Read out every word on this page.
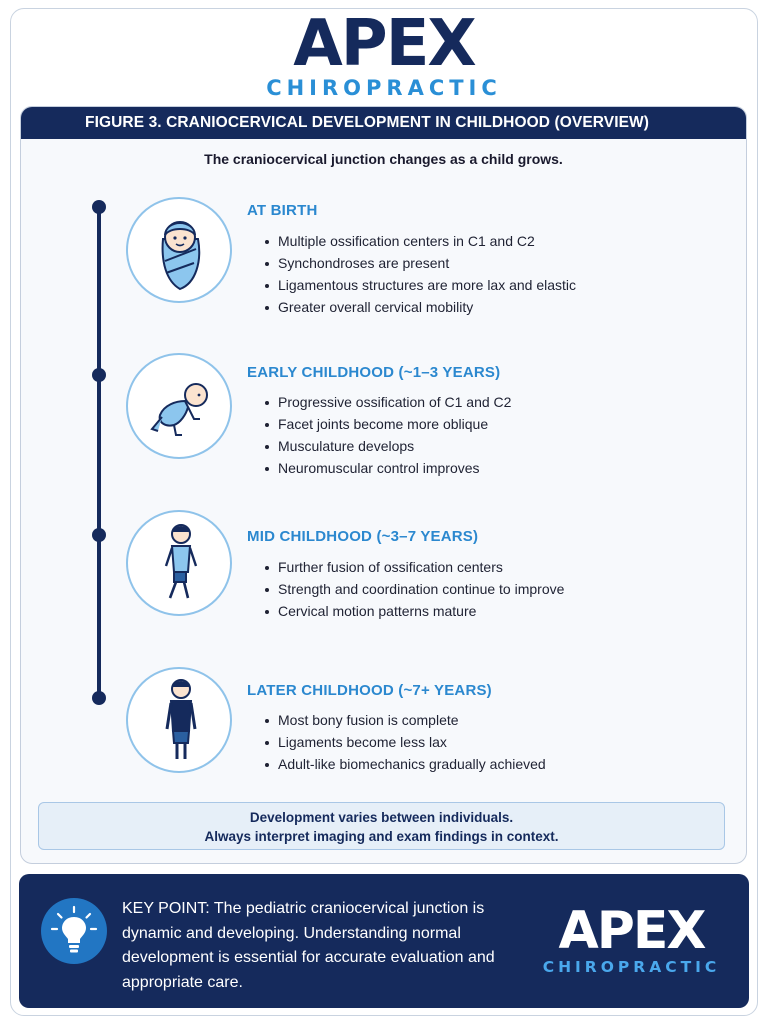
APEX
CHIROPRACTIC
FIGURE 3. CRANIOCERVICAL DEVELOPMENT IN CHILDHOOD (OVERVIEW)
The craniocervical junction changes as a child grows.
AT BIRTH
Multiple ossification centers in C1 and C2
Synchondroses are present
Ligamentous structures are more lax and elastic
Greater overall cervical mobility
EARLY CHILDHOOD (~1–3 YEARS)
Progressive ossification of C1 and C2
Facet joints become more oblique
Musculature develops
Neuromuscular control improves
MID CHILDHOOD (~3–7 YEARS)
Further fusion of ossification centers
Strength and coordination continue to improve
Cervical motion patterns mature
LATER CHILDHOOD (~7+ YEARS)
Most bony fusion is complete
Ligaments become less lax
Adult-like biomechanics gradually achieved
Development varies between individuals.
Always interpret imaging and exam findings in context.
KEY POINT: The pediatric craniocervical junction is dynamic and developing. Understanding normal development is essential for accurate evaluation and appropriate care.
APEX
CHIROPRACTIC
